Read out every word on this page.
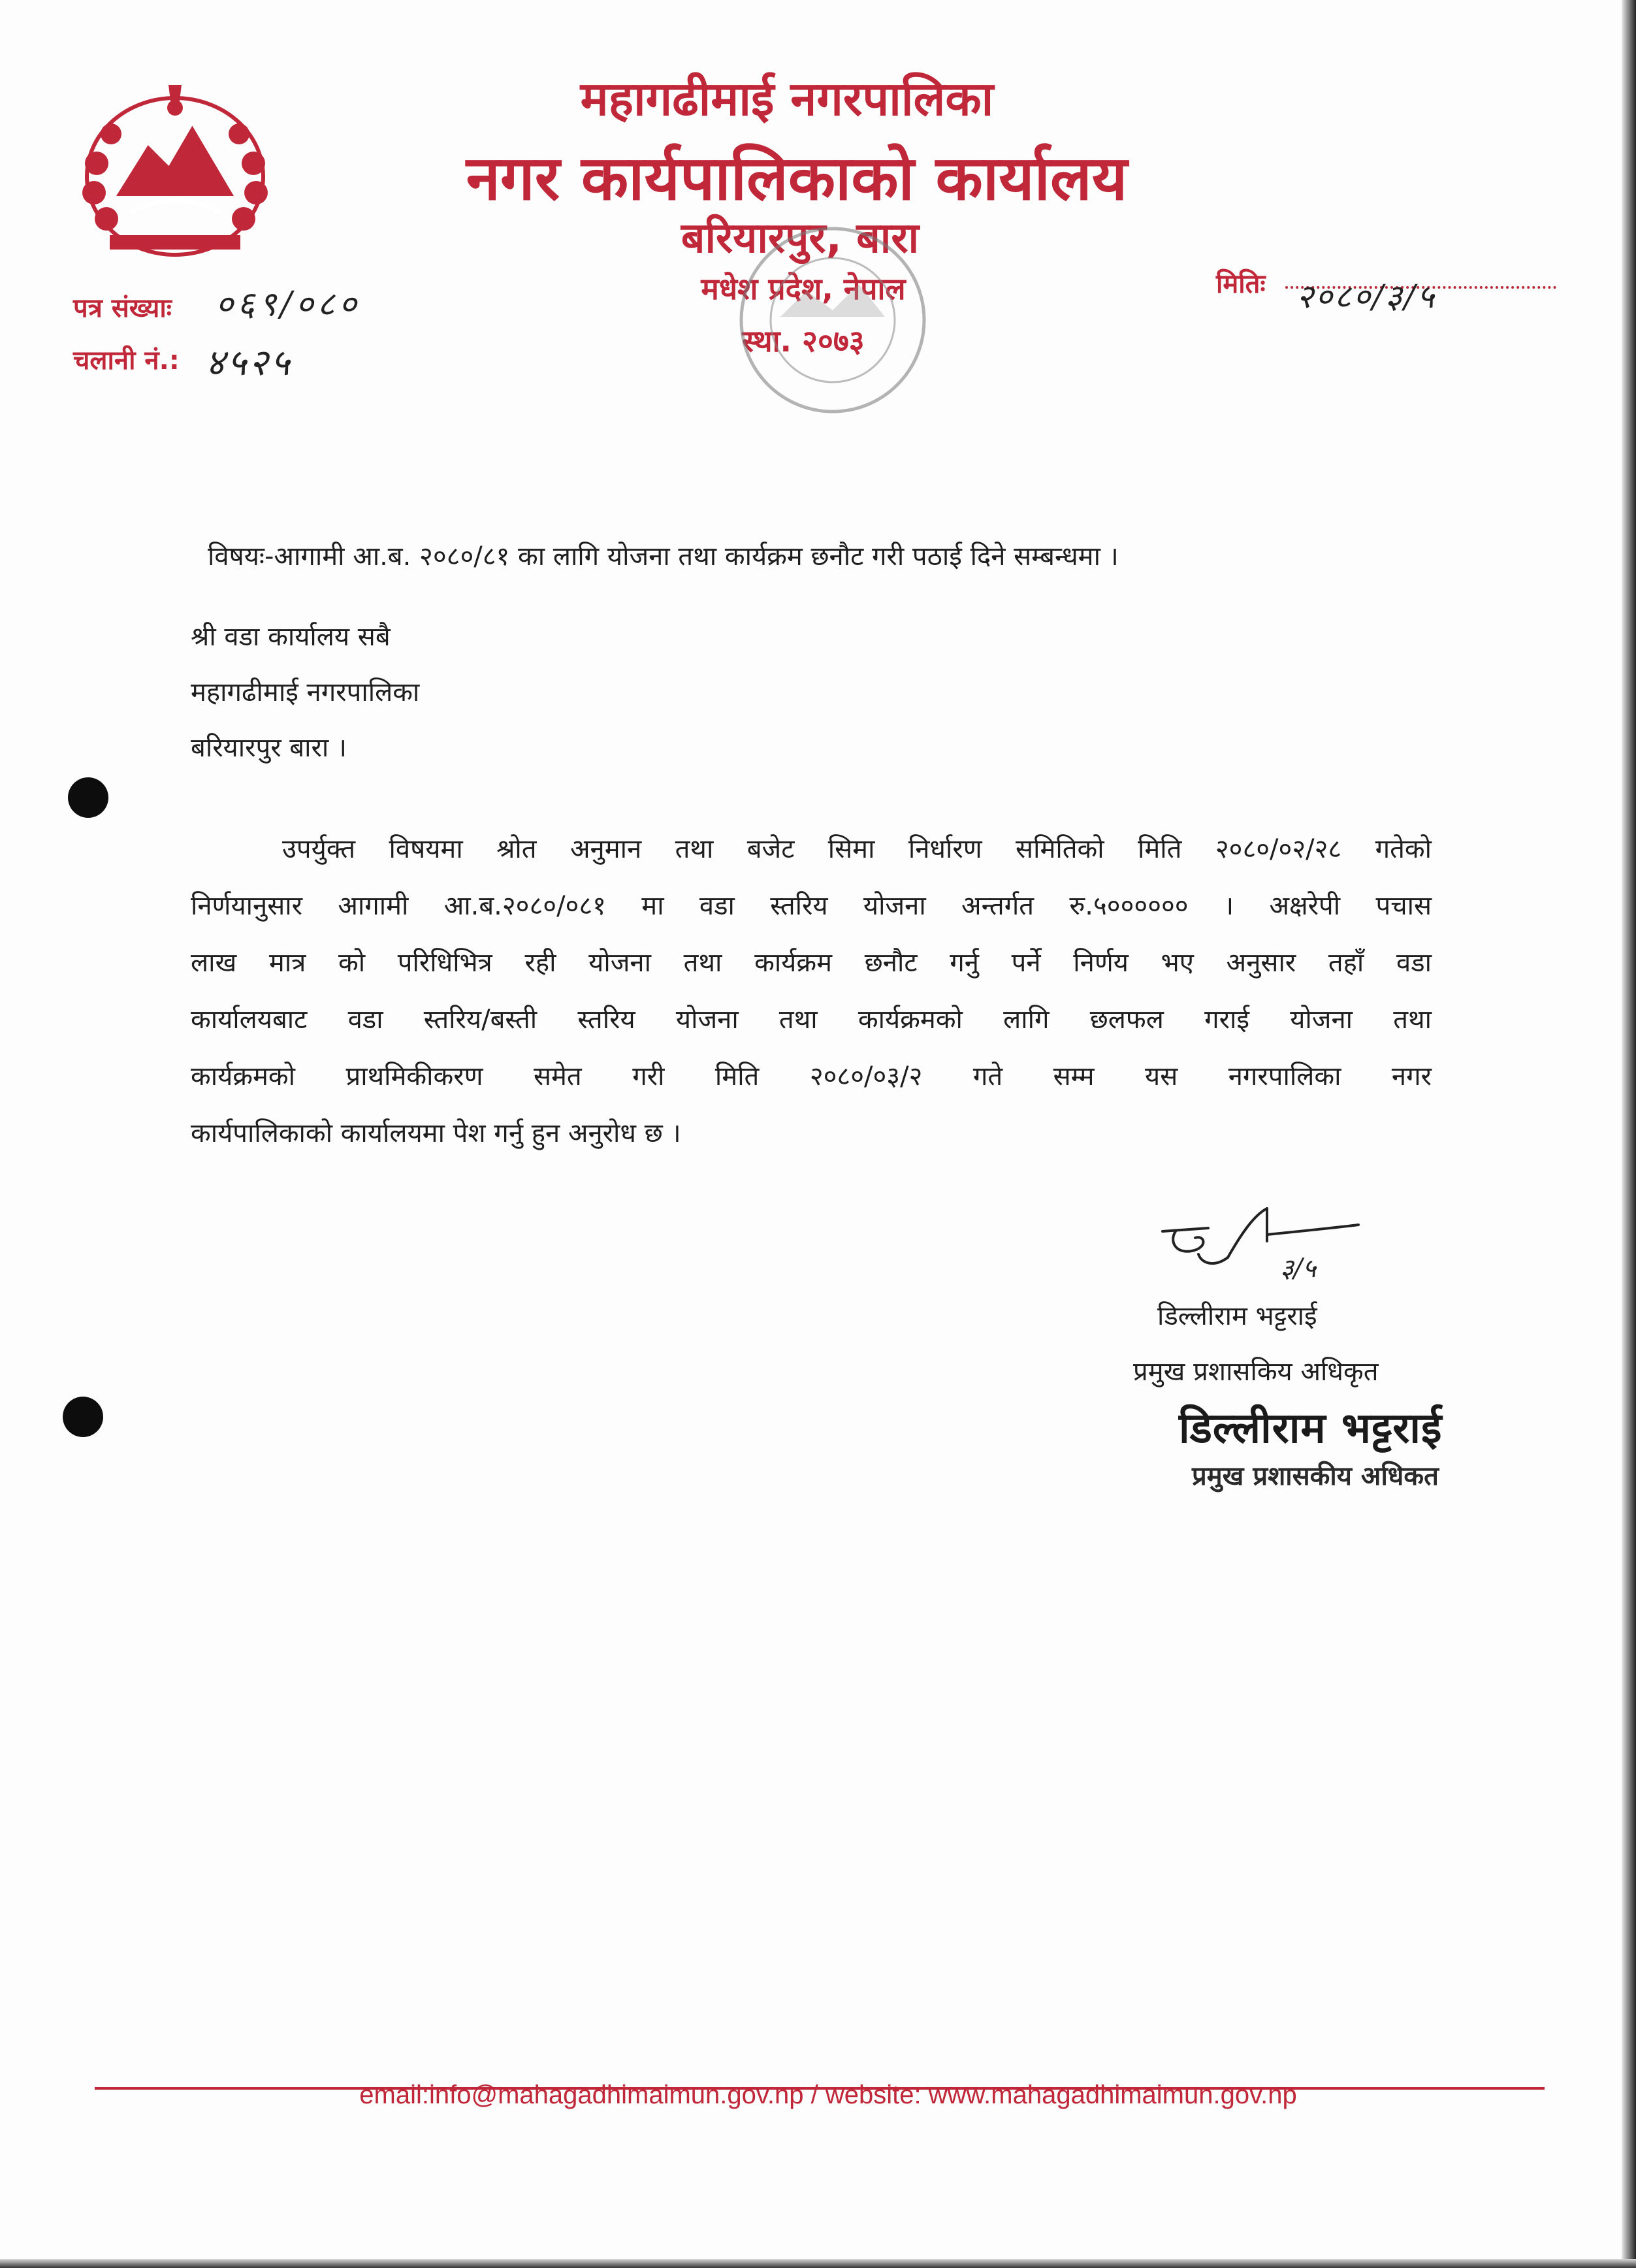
महागढीमाई नगरपालिका
नगर कार्यपालिकाको कार्यालय
बरियारपुर, बारा
मधेश प्रदेश, नेपाल
स्था. २०७३
पत्र संख्याः ०६९/०८०
चलानी नं.: ४५२५
मितिः २०८०/३/५
विषयः-आगामी आ.ब. २०८०/८१ का लागि योजना तथा कार्यक्रम छनौट गरी पठाई दिने सम्बन्धमा ।
श्री वडा कार्यालय सबै
महागढीमाई नगरपालिका
बरियारपुर बारा ।
उपर्युक्त विषयमा श्रोत अनुमान तथा बजेट सिमा निर्धारण समितिको मिति २०८०/०२/२८ गतेको
निर्णयानुसार आगामी आ.ब.२०८०/०८१ मा वडा स्तरिय योजना अन्तर्गत रु.५०००००० । अक्षरेपी पचास
लाख मात्र को परिधिभित्र रही योजना तथा कार्यक्रम छनौट गर्नु पर्ने निर्णय भए अनुसार तहाँ वडा
कार्यालयबाट वडा स्तरिय/बस्ती स्तरिय योजना तथा कार्यक्रमको लागि छलफल गराई योजना तथा
कार्यक्रमको प्राथमिकीकरण समेत गरी मिति २०८०/०३/२ गते सम्म यस नगरपालिका नगर
कार्यपालिकाको कार्यालयमा पेश गर्नु हुन अनुरोध छ ।
३/५
डिल्लीराम भट्टराई
प्रमुख प्रशासकिय अधिकृत
डिल्लीराम भट्टराई
प्रमुख प्रशासकीय अधिकत
email:info@mahagadhimaimun.gov.np / website: www.mahagadhimaimun.gov.np
